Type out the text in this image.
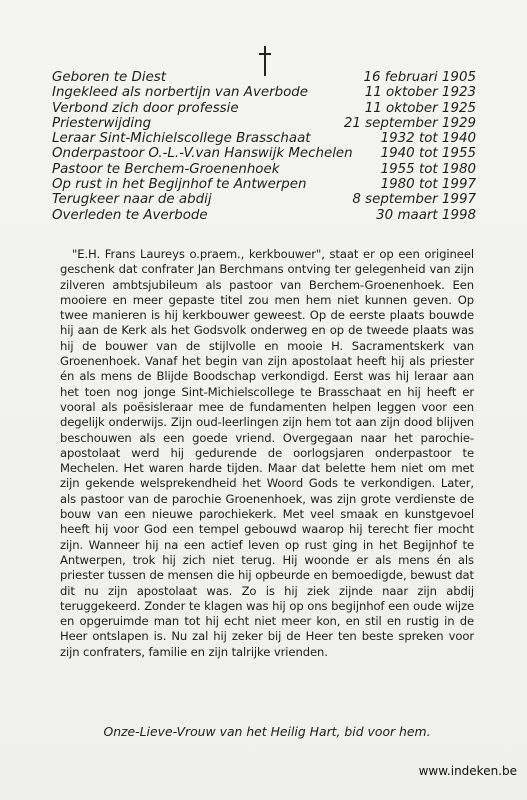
Geboren te Diest	16 februari 1905
Ingekleed als norbertijn van Averbode	11 oktober 1923
Verbond zich door professie	11 oktober 1925
Priesterwijding	21 september 1929
Leraar Sint-Michielscollege Brasschaat	1932 tot 1940
Onderpastoor O.-L.-V.van Hanswijk Mechelen 1940 tot 1955
Pastoor te Berchem-Groenenhoek	1955 tot 1980
Op rust in het Begijnhof te Antwerpen	1980 tot 1997
Terugkeer naar de abdij	8 september 1997
Overleden te Averbode	30 maart 1998

"E.H. Frans Laureys o.praem., kerkbouwer", staat er op een origineel geschenk dat confrater Jan Berchmans ontving ter gelegenheid van zijn zilveren ambtsjubileum als pastoor van Berchem-Groenenhoek. Een mooiere en meer gepaste titel zou men hem niet kunnen geven. Op twee manieren is hij kerkbouwer geweest. Op de eerste plaats bouwde hij aan de Kerk als het Godsvolk onderweg en op de tweede plaats was hij de bouwer van de stijlvolle en mooie H. Sacramentskerk van Groenenhoek. Vanaf het begin van zijn apostolaat heeft hij als priester én als mens de Blijde Boodschap verkondigd. Eerst was hij leraar aan het toen nog jonge Sint-Michielscollege te Brasschaat en hij heeft er vooral als poësisleraar mee de fundamenten helpen leggen voor een degelijk onderwijs. Zijn oud-leerlingen zijn hem tot aan zijn dood blijven beschouwen als een goede vriend. Overgegaan naar het parochie-apostolaat werd hij gedurende de oorlogsjaren onderpastoor te Mechelen. Het waren harde tijden. Maar dat belette hem niet om met zijn gekende welsprekendheid het Woord Gods te verkondigen. Later, als pastoor van de parochie Groenenhoek, was zijn grote verdienste de bouw van een nieuwe parochiekerk. Met veel smaak en kunstgevoel heeft hij voor God een tempel gebouwd waarop hij terecht fier mocht zijn. Wanneer hij na een actief leven op rust ging in het Begijnhof te Antwerpen, trok hij zich niet terug. Hij woonde er als mens én als priester tussen de mensen die hij opbeurde en bemoedigde, bewust dat dit nu zijn apostolaat was. Zo is hij ziek zijnde naar zijn abdij teruggekeerd. Zonder te klagen was hij op ons begijnhof een oude wijze en opgeruimde man tot hij echt niet meer kon, en stil en rustig in de Heer ontslapen is. Nu zal hij zeker bij de Heer ten beste spreken voor zijn confraters, familie en zijn talrijke vrienden.

Onze-Lieve-Vrouw van het Heilig Hart, bid voor hem.
www.indeken.be
